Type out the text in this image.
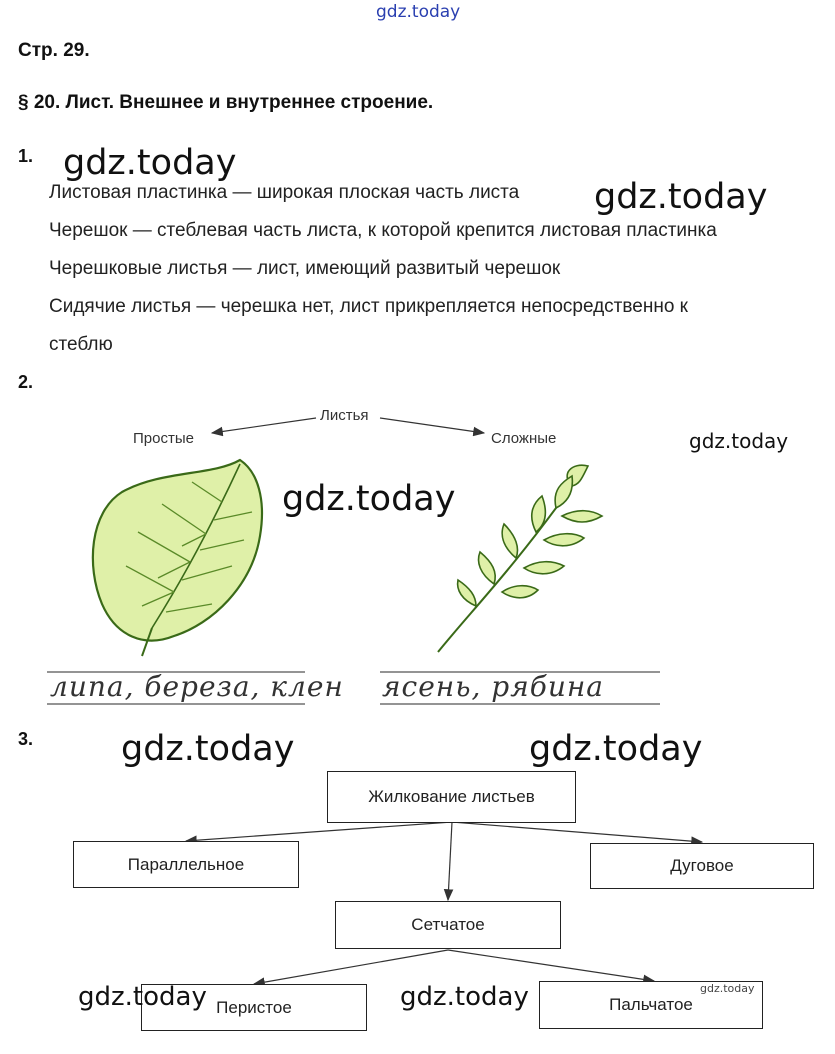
gdz.today
Стр. 29.
§ 20. Лист. Внешнее и внутреннее строение.
1. gdz.today
Листовая пластинка — широкая плоская часть листа gdz.today
Черешок — стеблевая часть листа, к которой крепится листовая пластинка
Черешковые листья — лист, имеющий развитый черешок
Сидячие листья — черешка нет, лист прикрепляется непосредственно к
стеблю
2.
Листья
Простые	Сложные	gdz.today
gdz.today
липа, береза, клен ясень, рябина
3.	gdz.today	gdz.today
Жилкование листьев
Параллельное	Дуговое
Сетчатое
Перистое	Пальчатое
gdz.today	gdz.today	gdz.today
